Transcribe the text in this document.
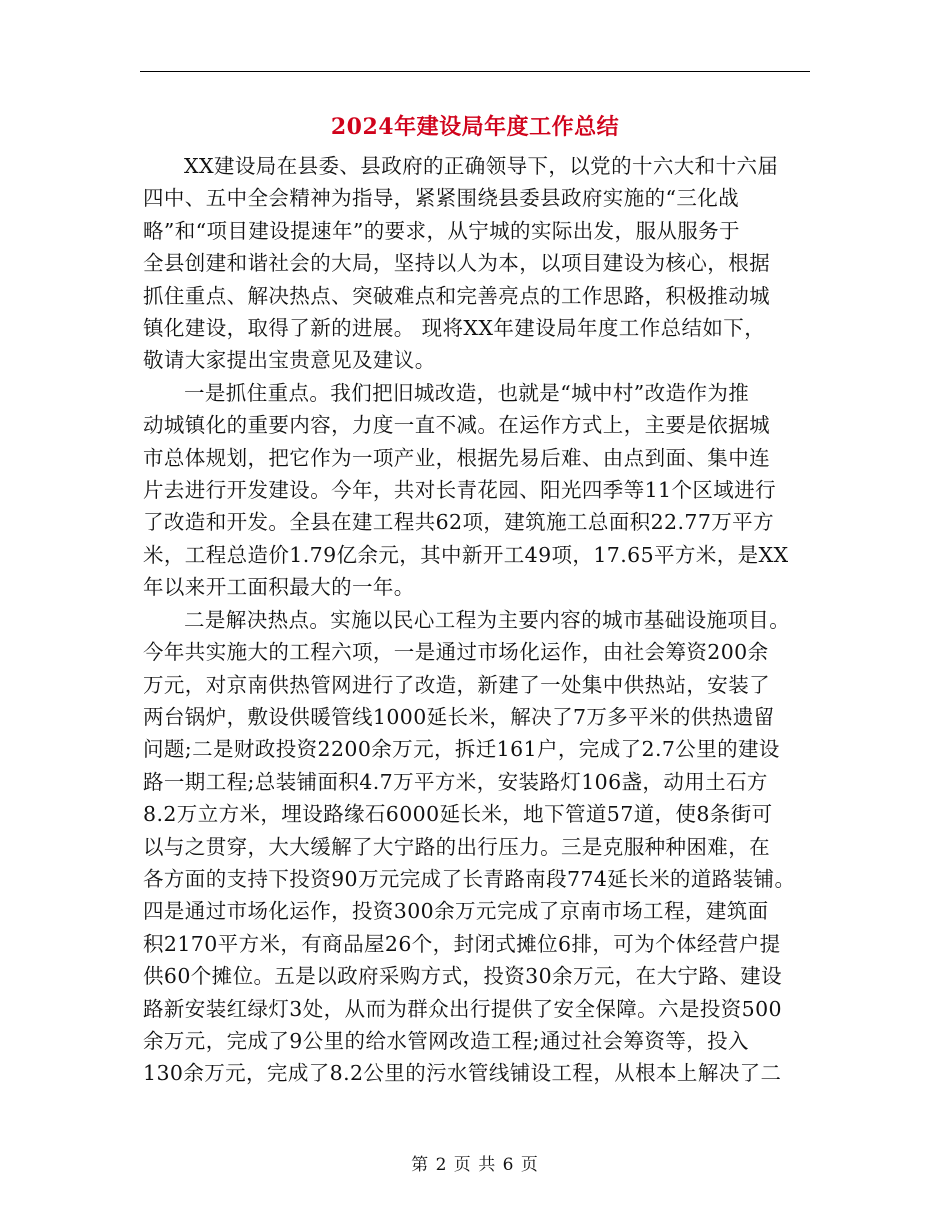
2024年建设局年度工作总结

XX建设局在县委、县政府的正确领导下，以党的十六大和十六届
四中、五中全会精神为指导，紧紧围绕县委县政府实施的“三化战
略”和“项目建设提速年”的要求，从宁城的实际出发，服从服务于
全县创建和谐社会的大局，坚持以人为本，以项目建设为核心，根据
抓住重点、解决热点、突破难点和完善亮点的工作思路，积极推动城
镇化建设，取得了新的进展。 现将XX年建设局年度工作总结如下，
敬请大家提出宝贵意见及建议。

一是抓住重点。我们把旧城改造，也就是“城中村”改造作为推
动城镇化的重要内容，力度一直不减。在运作方式上，主要是依据城
市总体规划，把它作为一项产业，根据先易后难、由点到面、集中连
片去进行开发建设。今年，共对长青花园、阳光四季等11个区域进行
了改造和开发。全县在建工程共62项，建筑施工总面积22.77万平方
米，工程总造价1.79亿余元，其中新开工49项，17.65平方米，是XX
年以来开工面积最大的一年。

二是解决热点。实施以民心工程为主要内容的城市基础设施项目。
今年共实施大的工程六项，一是通过市场化运作，由社会筹资200余
万元，对京南供热管网进行了改造，新建了一处集中供热站，安装了
两台锅炉，敷设供暖管线1000延长米，解决了7万多平米的供热遗留
问题;二是财政投资2200余万元，拆迁161户，完成了2.7公里的建设
路一期工程;总装铺面积4.7万平方米，安装路灯106盏，动用土石方
8.2万立方米，埋设路缘石6000延长米，地下管道57道，使8条街可
以与之贯穿，大大缓解了大宁路的出行压力。三是克服种种困难，在
各方面的支持下投资90万元完成了长青路南段774延长米的道路装铺。
四是通过市场化运作，投资300余万元完成了京南市场工程，建筑面
积2170平方米，有商品屋26个，封闭式摊位6排，可为个体经营户提
供60个摊位。五是以政府采购方式，投资30余万元，在大宁路、建设
路新安装红绿灯3处，从而为群众出行提供了安全保障。六是投资500
余万元，完成了9公里的给水管网改造工程;通过社会筹资等，投入
130余万元，完成了8.2公里的污水管线铺设工程，从根本上解决了二

第 2 页 共 6 页
